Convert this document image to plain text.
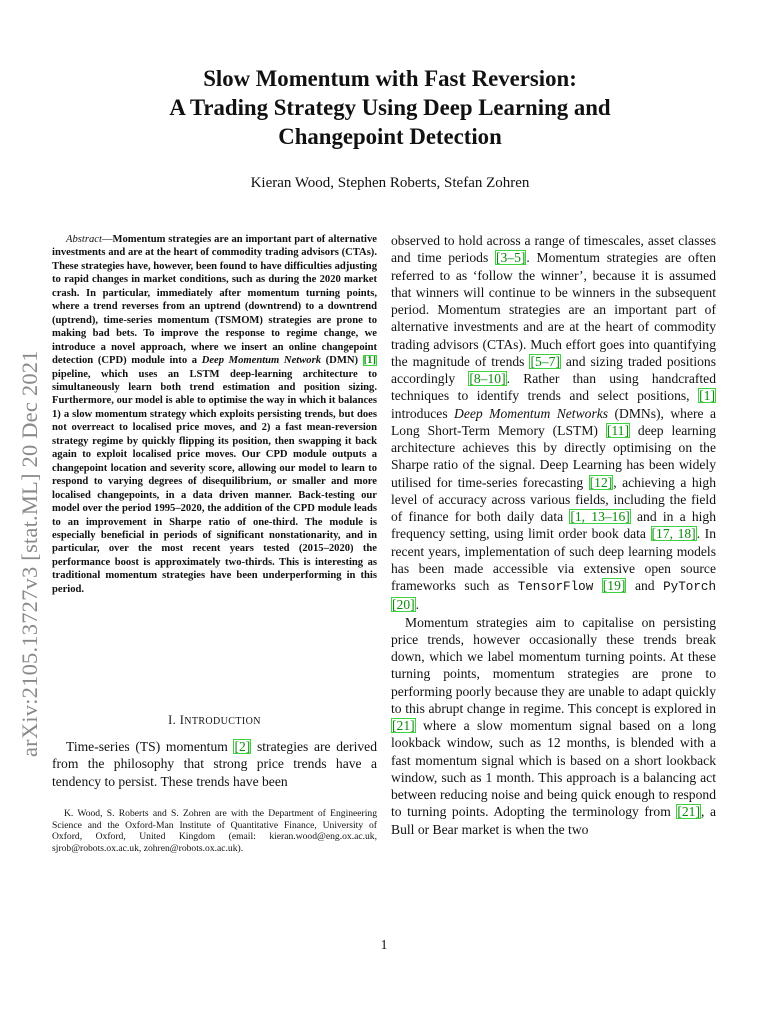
arXiv:2105.13727v3 [stat.ML] 20 Dec 2021
Slow Momentum with Fast Reversion:
A Trading Strategy Using Deep Learning and
Changepoint Detection
Kieran Wood, Stephen Roberts, Stefan Zohren

Abstract—Momentum strategies are an important part of alternative investments and are at the heart of commodity trading advisors (CTAs). These strategies have, however, been found to have difficulties adjusting to rapid changes in market conditions, such as during the 2020 market crash. In particular, immediately after momentum turning points, where a trend reverses from an uptrend (downtrend) to a downtrend (uptrend), time-series momentum (TSMOM) strategies are prone to making bad bets. To improve the response to regime change, we introduce a novel approach, where we insert an online changepoint detection (CPD) module into a Deep Momentum Network (DMN) [1] pipeline, which uses an LSTM deep-learning architecture to simultaneously learn both trend estimation and position sizing. Furthermore, our model is able to optimise the way in which it balances 1) a slow momentum strategy which exploits persisting trends, but does not overreact to localised price moves, and 2) a fast mean-reversion strategy regime by quickly flipping its position, then swapping it back again to exploit localised price moves. Our CPD module outputs a changepoint location and severity score, allowing our model to learn to respond to varying degrees of disequilibrium, or smaller and more localised changepoints, in a data driven manner. Back-testing our model over the period 1995–2020, the addition of the CPD module leads to an improvement in Sharpe ratio of one-third. The module is especially beneficial in periods of significant nonstationarity, and in particular, over the most recent years tested (2015–2020) the performance boost is approximately two-thirds. This is interesting as traditional momentum strategies have been underperforming in this period.

I. INTRODUCTION

Time-series (TS) momentum [2] strategies are derived from the philosophy that strong price trends have a tendency to persist. These trends have been

K. Wood, S. Roberts and S. Zohren are with the Department of Engineering Science and the Oxford-Man Institute of Quantitative Finance, University of Oxford, Oxford, United Kingdom (email: kieran.wood@eng.ox.ac.uk, sjrob@robots.ox.ac.uk, zohren@robots.ox.ac.uk).

observed to hold across a range of timescales, asset classes and time periods [3–5]. Momentum strategies are often referred to as ‘follow the winner’, because it is assumed that winners will continue to be winners in the subsequent period. Momentum strategies are an important part of alternative investments and are at the heart of commodity trading advisors (CTAs). Much effort goes into quantifying the magnitude of trends [5–7] and sizing traded positions accordingly [8–10]. Rather than using handcrafted techniques to identify trends and select positions, [1] introduces Deep Momentum Networks (DMNs), where a Long Short-Term Memory (LSTM) [11] deep learning architecture achieves this by directly optimising on the Sharpe ratio of the signal. Deep Learning has been widely utilised for time-series forecasting [12], achieving a high level of accuracy across various fields, including the field of finance for both daily data [1, 13–16] and in a high frequency setting, using limit order book data [17, 18]. In recent years, implementation of such deep learning models has been made accessible via extensive open source frameworks such as TensorFlow [19] and PyTorch [20].

Momentum strategies aim to capitalise on persisting price trends, however occasionally these trends break down, which we label momentum turning points. At these turning points, momentum strategies are prone to performing poorly because they are unable to adapt quickly to this abrupt change in regime. This concept is explored in [21] where a slow momentum signal based on a long lookback window, such as 12 months, is blended with a fast momentum signal which is based on a short lookback window, such as 1 month. This approach is a balancing act between reducing noise and being quick enough to respond to turning points. Adopting the terminology from [21], a Bull or Bear market is when the two

1
